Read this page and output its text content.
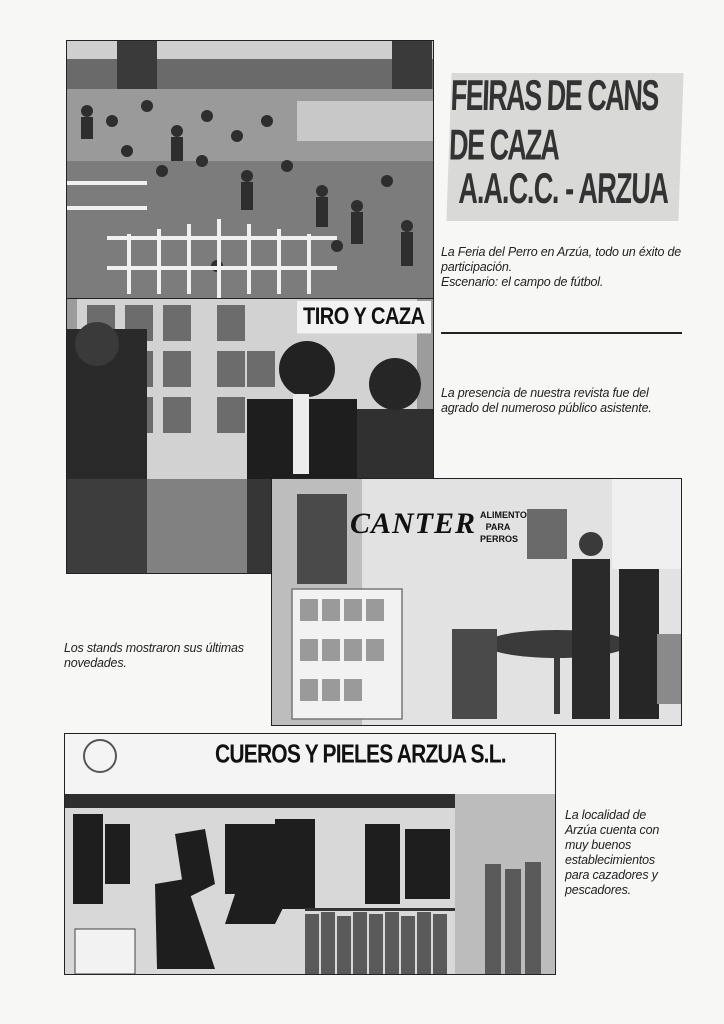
TIRO Y CAZA
FEIRAS DE CANS DE CAZA
A.A.C.C. - ARZUA
La Feria del Perro en Arzúa, todo un éxito de participación.
Escenario: el campo de fútbol.
La presencia de nuestra revista fue del agrado del numeroso público asistente.
CANTER ALIMENTO PARA PERROS
Los stands mostraron sus últimas novedades.
CUEROS Y PIELES ARZUA S.L.
La localidad de Arzúa cuenta con muy buenos establecimientos para cazadores y pescadores.
